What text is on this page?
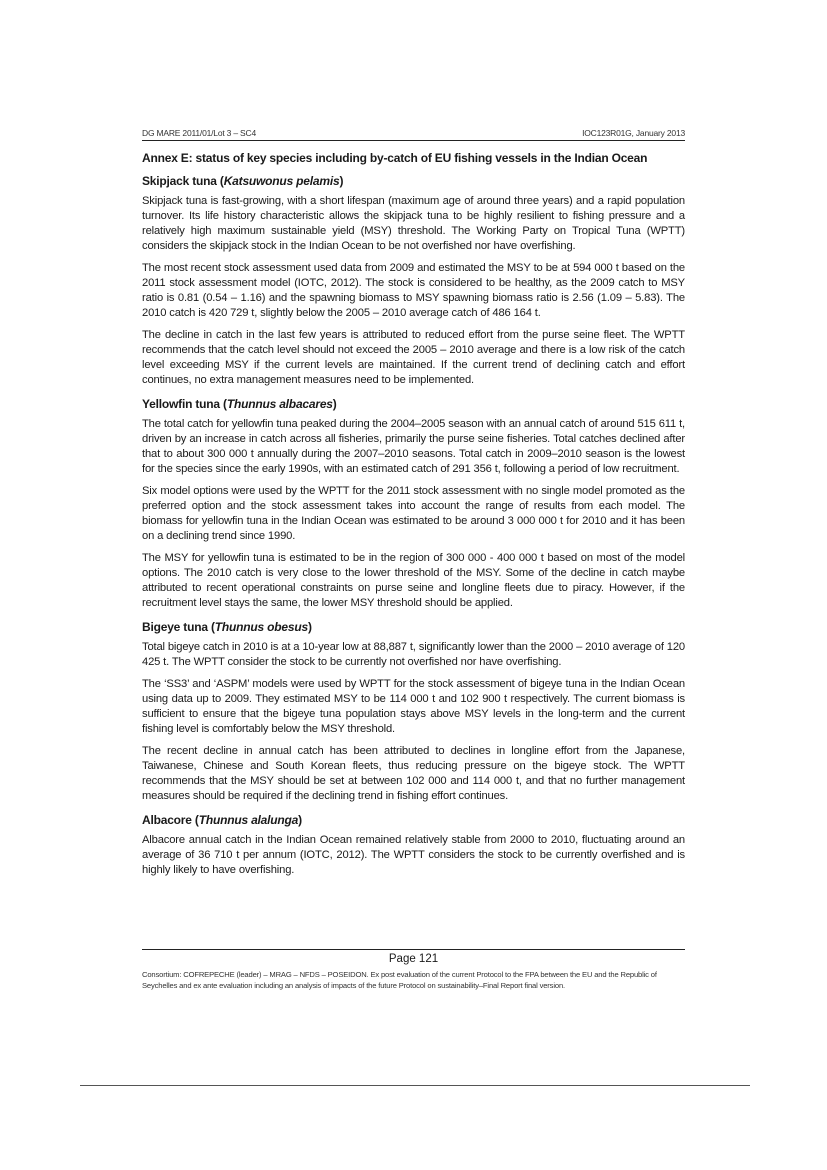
DG MARE 2011/01/Lot 3 – SC4	IOC123R01G, January 2013
Annex E: status of key species including by-catch of EU fishing vessels in the Indian Ocean
Skipjack tuna (Katsuwonus pelamis)

Skipjack tuna is fast-growing, with a short lifespan (maximum age of around three years) and a rapid population turnover. Its life history characteristic allows the skipjack tuna to be highly resilient to fishing pressure and a relatively high maximum sustainable yield (MSY) threshold. The Working Party on Tropical Tuna (WPTT) considers the skipjack stock in the Indian Ocean to be not overfished nor have overfishing.

The most recent stock assessment used data from 2009 and estimated the MSY to be at 594 000 t based on the 2011 stock assessment model (IOTC, 2012). The stock is considered to be healthy, as the 2009 catch to MSY ratio is 0.81 (0.54 – 1.16) and the spawning biomass to MSY spawning biomass ratio is 2.56 (1.09 – 5.83). The 2010 catch is 420 729 t, slightly below the 2005 – 2010 average catch of 486 164 t.

The decline in catch in the last few years is attributed to reduced effort from the purse seine fleet. The WPTT recommends that the catch level should not exceed the 2005 – 2010 average and there is a low risk of the catch level exceeding MSY if the current levels are maintained. If the current trend of declining catch and effort continues, no extra management measures need to be implemented.

Yellowfin tuna (Thunnus albacares)

The total catch for yellowfin tuna peaked during the 2004–2005 season with an annual catch of around 515 611 t, driven by an increase in catch across all fisheries, primarily the purse seine fisheries. Total catches declined after that to about 300 000 t annually during the 2007–2010 seasons. Total catch in 2009–2010 season is the lowest for the species since the early 1990s, with an estimated catch of 291 356 t, following a period of low recruitment.

Six model options were used by the WPTT for the 2011 stock assessment with no single model promoted as the preferred option and the stock assessment takes into account the range of results from each model. The biomass for yellowfin tuna in the Indian Ocean was estimated to be around 3 000 000 t for 2010 and it has been on a declining trend since 1990.

The MSY for yellowfin tuna is estimated to be in the region of 300 000 - 400 000 t based on most of the model options. The 2010 catch is very close to the lower threshold of the MSY. Some of the decline in catch maybe attributed to recent operational constraints on purse seine and longline fleets due to piracy. However, if the recruitment level stays the same, the lower MSY threshold should be applied.

Bigeye tuna (Thunnus obesus)

Total bigeye catch in 2010 is at a 10-year low at 88,887 t, significantly lower than the 2000 – 2010 average of 120 425 t. The WPTT consider the stock to be currently not overfished nor have overfishing.

The ‘SS3’ and ‘ASPM’ models were used by WPTT for the stock assessment of bigeye tuna in the Indian Ocean using data up to 2009. They estimated MSY to be 114 000 t and 102 900 t respectively. The current biomass is sufficient to ensure that the bigeye tuna population stays above MSY levels in the long-term and the current fishing level is comfortably below the MSY threshold.

The recent decline in annual catch has been attributed to declines in longline effort from the Japanese, Taiwanese, Chinese and South Korean fleets, thus reducing pressure on the bigeye stock. The WPTT recommends that the MSY should be set at between 102 000 and 114 000 t, and that no further management measures should be required if the declining trend in fishing effort continues.

Albacore (Thunnus alalunga)

Albacore annual catch in the Indian Ocean remained relatively stable from 2000 to 2010, fluctuating around an average of 36 710 t per annum (IOTC, 2012). The WPTT considers the stock to be currently overfished and is highly likely to have overfishing.

Page 121
Consortium: COFREPECHE (leader) – MRAG – NFDS – POSEIDON. Ex post evaluation of the current Protocol to the FPA between the EU and the Republic of Seychelles and ex ante evaluation including an analysis of impacts of the future Protocol on sustainability–Final Report final version.
